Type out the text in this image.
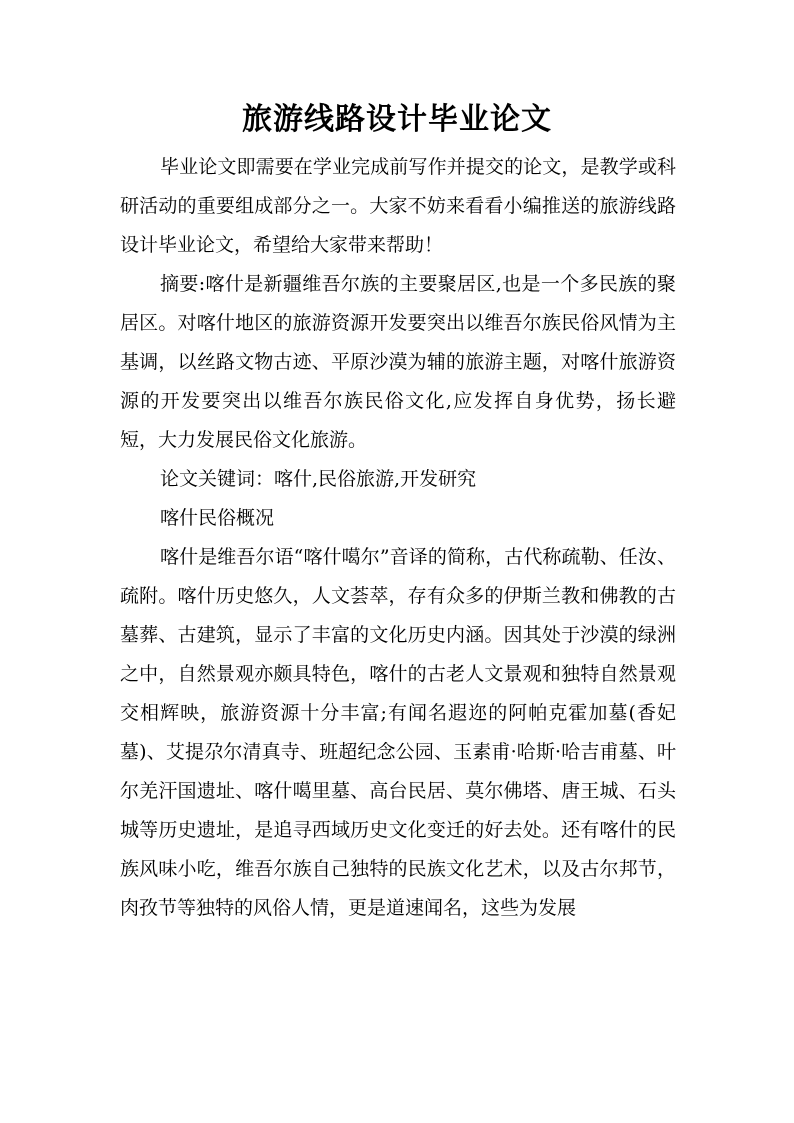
旅游线路设计毕业论文

毕业论文即需要在学业完成前写作并提交的论文，是教学或科研活动的重要组成部分之一。大家不妨来看看小编推送的旅游线路设计毕业论文，希望给大家带来帮助！

摘要:喀什是新疆维吾尔族的主要聚居区,也是一个多民族的聚居区。对喀什地区的旅游资源开发要突出以维吾尔族民俗风情为主基调，以丝路文物古迹、平原沙漠为辅的旅游主题，对喀什旅游资源的开发要突出以维吾尔族民俗文化,应发挥自身优势，扬长避短，大力发展民俗文化旅游。

论文关键词：喀什,民俗旅游,开发研究

喀什民俗概况

喀什是维吾尔语“喀什噶尔”音译的简称，古代称疏勒、任汝、疏附。喀什历史悠久，人文荟萃，存有众多的伊斯兰教和佛教的古墓葬、古建筑，显示了丰富的文化历史内涵。因其处于沙漠的绿洲之中，自然景观亦颇具特色，喀什的古老人文景观和独特自然景观交相辉映，旅游资源十分丰富;有闻名遐迩的阿帕克霍加墓(香妃墓)、艾提尕尔清真寺、班超纪念公园、玉素甫·哈斯·哈吉甫墓、叶尔羌汗国遗址、喀什噶里墓、高台民居、莫尔佛塔、唐王城、石头城等历史遗址，是追寻西域历史文化变迁的好去处。还有喀什的民族风味小吃，维吾尔族自己独特的民族文化艺术，以及古尔邦节，肉孜节等独特的风俗人情，更是道速闻名，这些为发展
